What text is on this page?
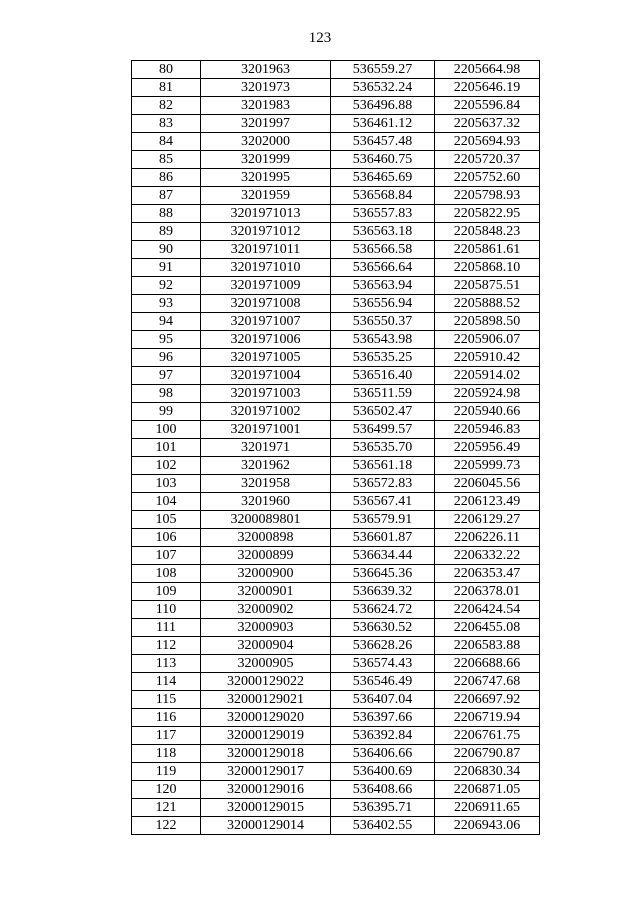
123
80	3201963	536559.27	2205664.98
81	3201973	536532.24	2205646.19
82	3201983	536496.88	2205596.84
83	3201997	536461.12	2205637.32
84	3202000	536457.48	2205694.93
85	3201999	536460.75	2205720.37
86	3201995	536465.69	2205752.60
87	3201959	536568.84	2205798.93
88	3201971013	536557.83	2205822.95
89	3201971012	536563.18	2205848.23
90	3201971011	536566.58	2205861.61
91	3201971010	536566.64	2205868.10
92	3201971009	536563.94	2205875.51
93	3201971008	536556.94	2205888.52
94	3201971007	536550.37	2205898.50
95	3201971006	536543.98	2205906.07
96	3201971005	536535.25	2205910.42
97	3201971004	536516.40	2205914.02
98	3201971003	536511.59	2205924.98
99	3201971002	536502.47	2205940.66
100	3201971001	536499.57	2205946.83
101	3201971	536535.70	2205956.49
102	3201962	536561.18	2205999.73
103	3201958	536572.83	2206045.56
104	3201960	536567.41	2206123.49
105	3200089801	536579.91	2206129.27
106	32000898	536601.87	2206226.11
107	32000899	536634.44	2206332.22
108	32000900	536645.36	2206353.47
109	32000901	536639.32	2206378.01
110	32000902	536624.72	2206424.54
111	32000903	536630.52	2206455.08
112	32000904	536628.26	2206583.88
113	32000905	536574.43	2206688.66
114	32000129022	536546.49	2206747.68
115	32000129021	536407.04	2206697.92
116	32000129020	536397.66	2206719.94
117	32000129019	536392.84	2206761.75
118	32000129018	536406.66	2206790.87
119	32000129017	536400.69	2206830.34
120	32000129016	536408.66	2206871.05
121	32000129015	536395.71	2206911.65
122	32000129014	536402.55	2206943.06
